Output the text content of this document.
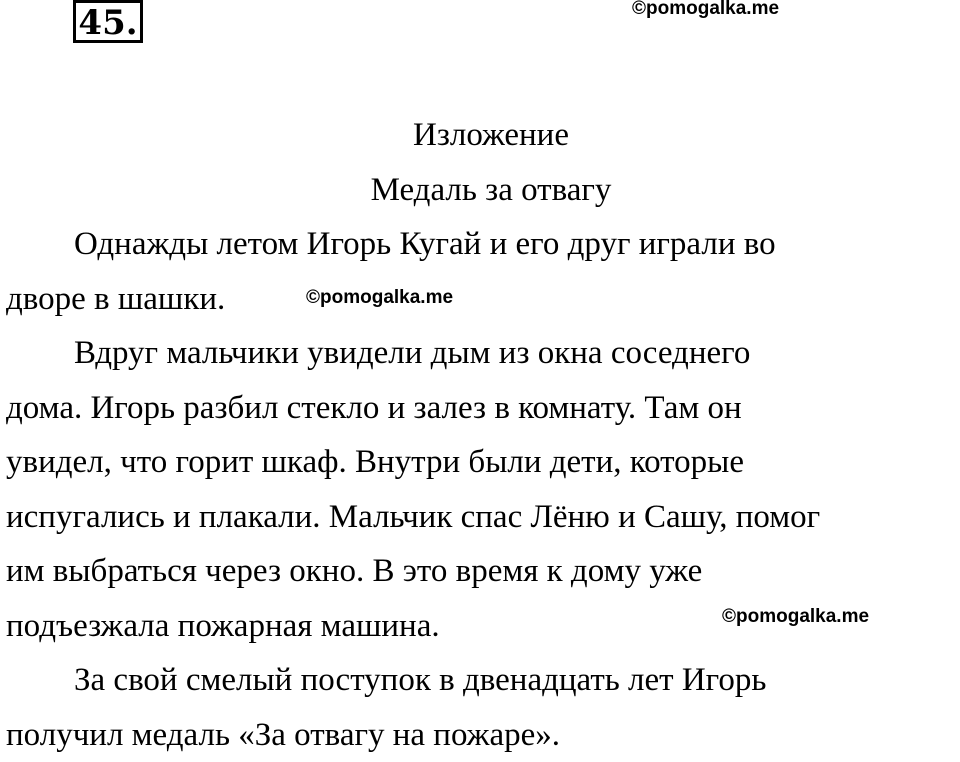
45.	©pomogalka.me
©pomogalka.me
©pomogalka.me
Изложение
Медаль за отвагу
Однажды летом Игорь Кугай и его друг играли во
дворе в шашки.
Вдруг мальчики увидели дым из окна соседнего
дома. Игорь разбил стекло и залез в комнату. Там он
увидел, что горит шкаф. Внутри были дети, которые
испугались и плакали. Мальчик спас Лёню и Сашу, помог
им выбраться через окно. В это время к дому уже
подъезжала пожарная машина.
За свой смелый поступок в двенадцать лет Игорь
получил медаль «За отвагу на пожаре».
